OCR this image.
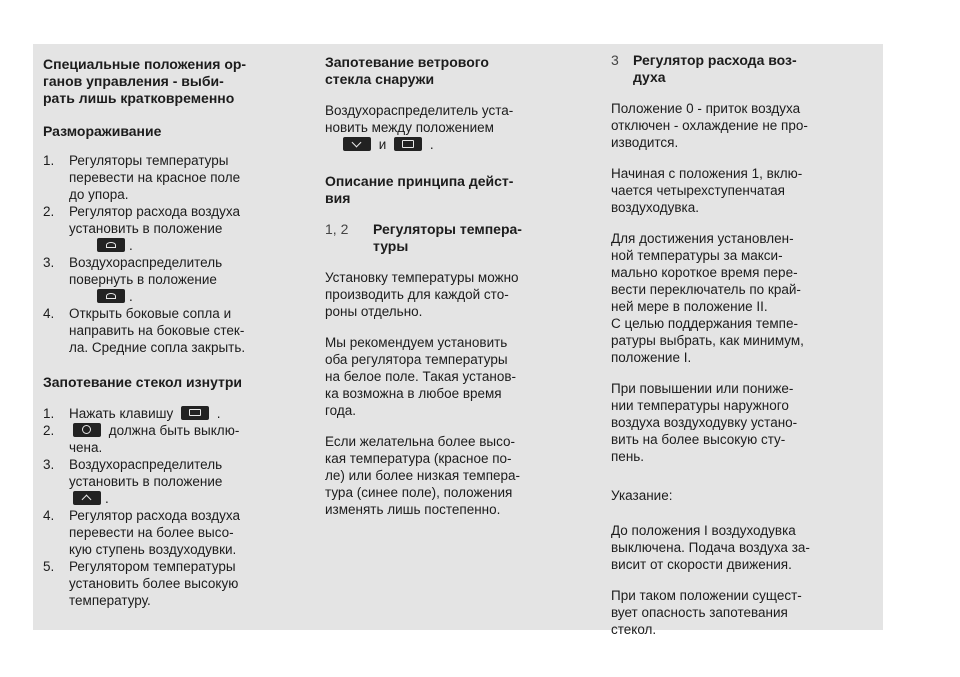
Специальные положения ор-
ганов управления - выби-
рать лишь кратковременно
Размораживание
1. Регуляторы температуры
перевести на красное поле
до упора.
2. Регулятор расхода воздуха
установить в положение
.
3. Воздухораспределитель
повернуть в положение
.
4. Открыть боковые сопла и
направить на боковые стек-
ла. Средние сопла закрыть.
Запотевание стекол изнутри
1. Нажать клавишу	.
2.	должна быть выклю-
чена.
3. Воздухораспределитель
установить в положение
.
4. Регулятор расхода воздуха
перевести на более высо-
кую ступень воздуходувки.
5. Регулятором температуры
установить более высокую
температуру.
Запотевание ветрового
стекла снаружи

Воздухораспределитель уста-
новить между положением
и	.

Описание принципа дейст-
вия
1, 2 Регуляторы темпера-
туры

Установку температуры можно
производить для каждой сто-
роны отдельно.

Мы рекомендуем установить
оба регулятора температуры
на белое поле. Такая установ-
ка возможна в любое время
года.

Если желательна более высо-
кая температура (красное по-
ле) или более низкая темпера-
тура (синее поле), положения
изменять лишь постепенно.

3 Регулятор расхода воз-
духа

Положение 0 - приток воздуха
отключен - охлаждение не про-
изводится.

Начиная с положения 1, вклю-
чается четырехступенчатая
воздуходувка.

Для достижения установлен-
ной температуры за макси-
мально короткое время пере-
вести переключатель по край-
ней мере в положение II.
С целью поддержания темпе-
ратуры выбрать, как минимум,
положение I.

При повышении или пониже-
нии температуры наружного
воздуха воздуходувку устано-
вить на более высокую сту-
пень.

Указание:

До положения I воздуходувка
выключена. Подача воздуха за-
висит от скорости движения.

При таком положении сущест-
вует опасность запотевания
стекол.
